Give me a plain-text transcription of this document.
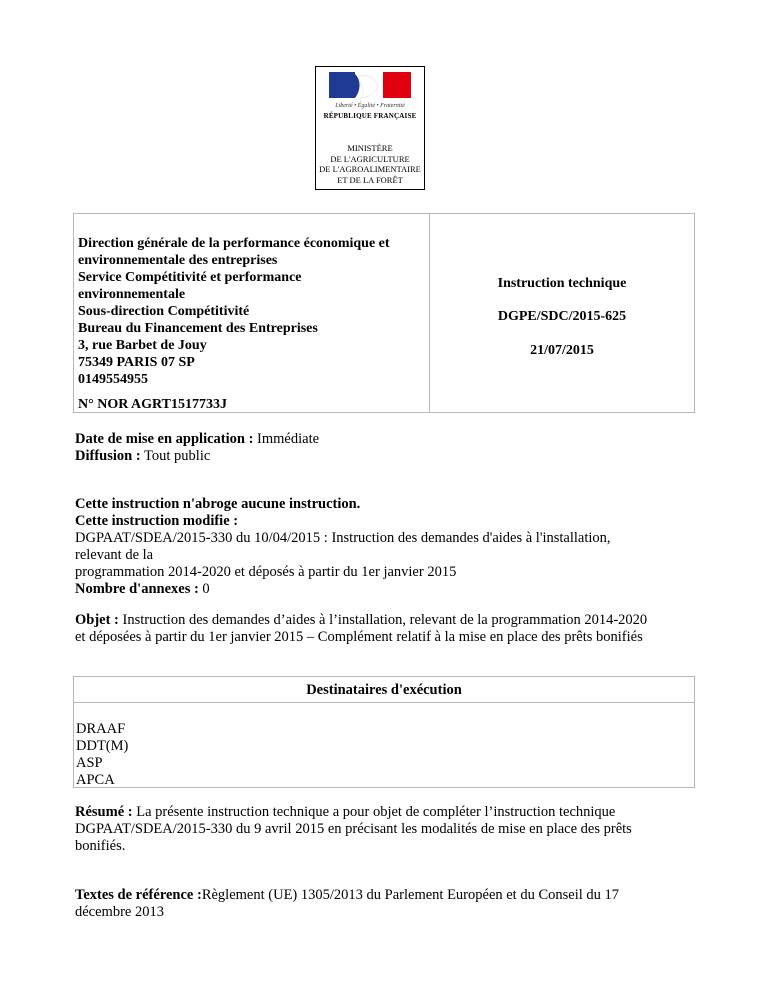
Liberté • Égalité • Fraternité
RÉPUBLIQUE FRANÇAISE
MINISTÈRE
DE L'AGRICULTURE
DE L'AGROALIMENTAIRE
ET DE LA FORÊT
Direction générale de la performance économique et
environnementale des entreprises
Service Compétitivité et performance
environnementale
Sous-direction Compétitivité
Bureau du Financement des Entreprises
3, rue Barbet de Jouy
75349 PARIS 07 SP
0149554955
N° NOR AGRT1517733J
Instruction technique
DGPE/SDC/2015-625
21/07/2015
Date de mise en application : Immédiate
Diffusion : Tout public
Cette instruction n'abroge aucune instruction.
Cette instruction modifie :
DGPAAT/SDEA/2015-330 du 10/04/2015 : Instruction des demandes d'aides à l'installation,
relevant de la
programmation 2014-2020 et déposés à partir du 1er janvier 2015
Nombre d'annexes : 0
Objet : Instruction des demandes d’aides à l’installation, relevant de la programmation 2014-2020
et déposées à partir du 1er janvier 2015 – Complément relatif à la mise en place des prêts bonifiés
Destinataires d'exécution
DRAAF
DDT(M)
ASP
APCA
Résumé : La présente instruction technique a pour objet de compléter l’instruction technique
DGPAAT/SDEA/2015-330 du 9 avril 2015 en précisant les modalités de mise en place des prêts
bonifiés.
Textes de référence :Règlement (UE) 1305/2013 du Parlement Européen et du Conseil du 17
décembre 2013
